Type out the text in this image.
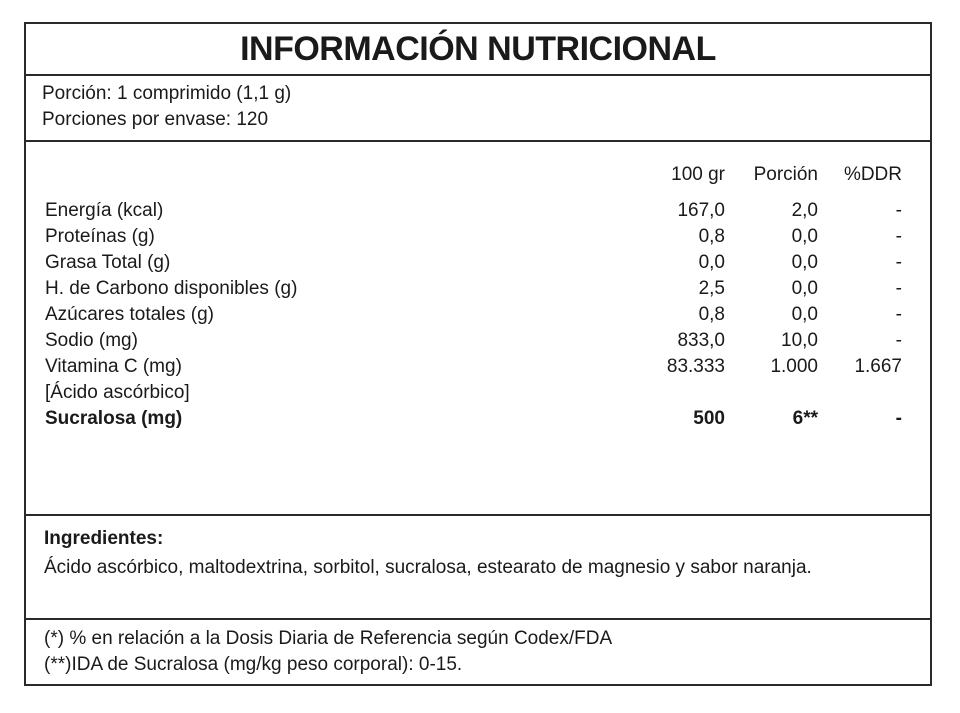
INFORMACIÓN NUTRICIONAL
Porción: 1 comprimido (1,1 g)
Porciones por envase: 120
100 gr Porción %DDR
Energía (kcal)	167,0	2,0	-
Proteínas (g)	0,8	0,0	-
Grasa Total (g)	0,0	0,0	-
H. de Carbono disponibles (g)	2,5	0,0	-
Azúcares totales (g)	0,8	0,0	-
Sodio (mg)	833,0	10,0	-
Vitamina C (mg)	83.333 1.000 1.667
[Ácido ascórbico]
Sucralosa (mg)	500	6**	-
Ingredientes:
Ácido ascórbico, maltodextrina, sorbitol, sucralosa, estearato de magnesio y sabor naranja.
(*) % en relación a la Dosis Diaria de Referencia según Codex/FDA
(**)IDA de Sucralosa (mg/kg peso corporal): 0-15.
